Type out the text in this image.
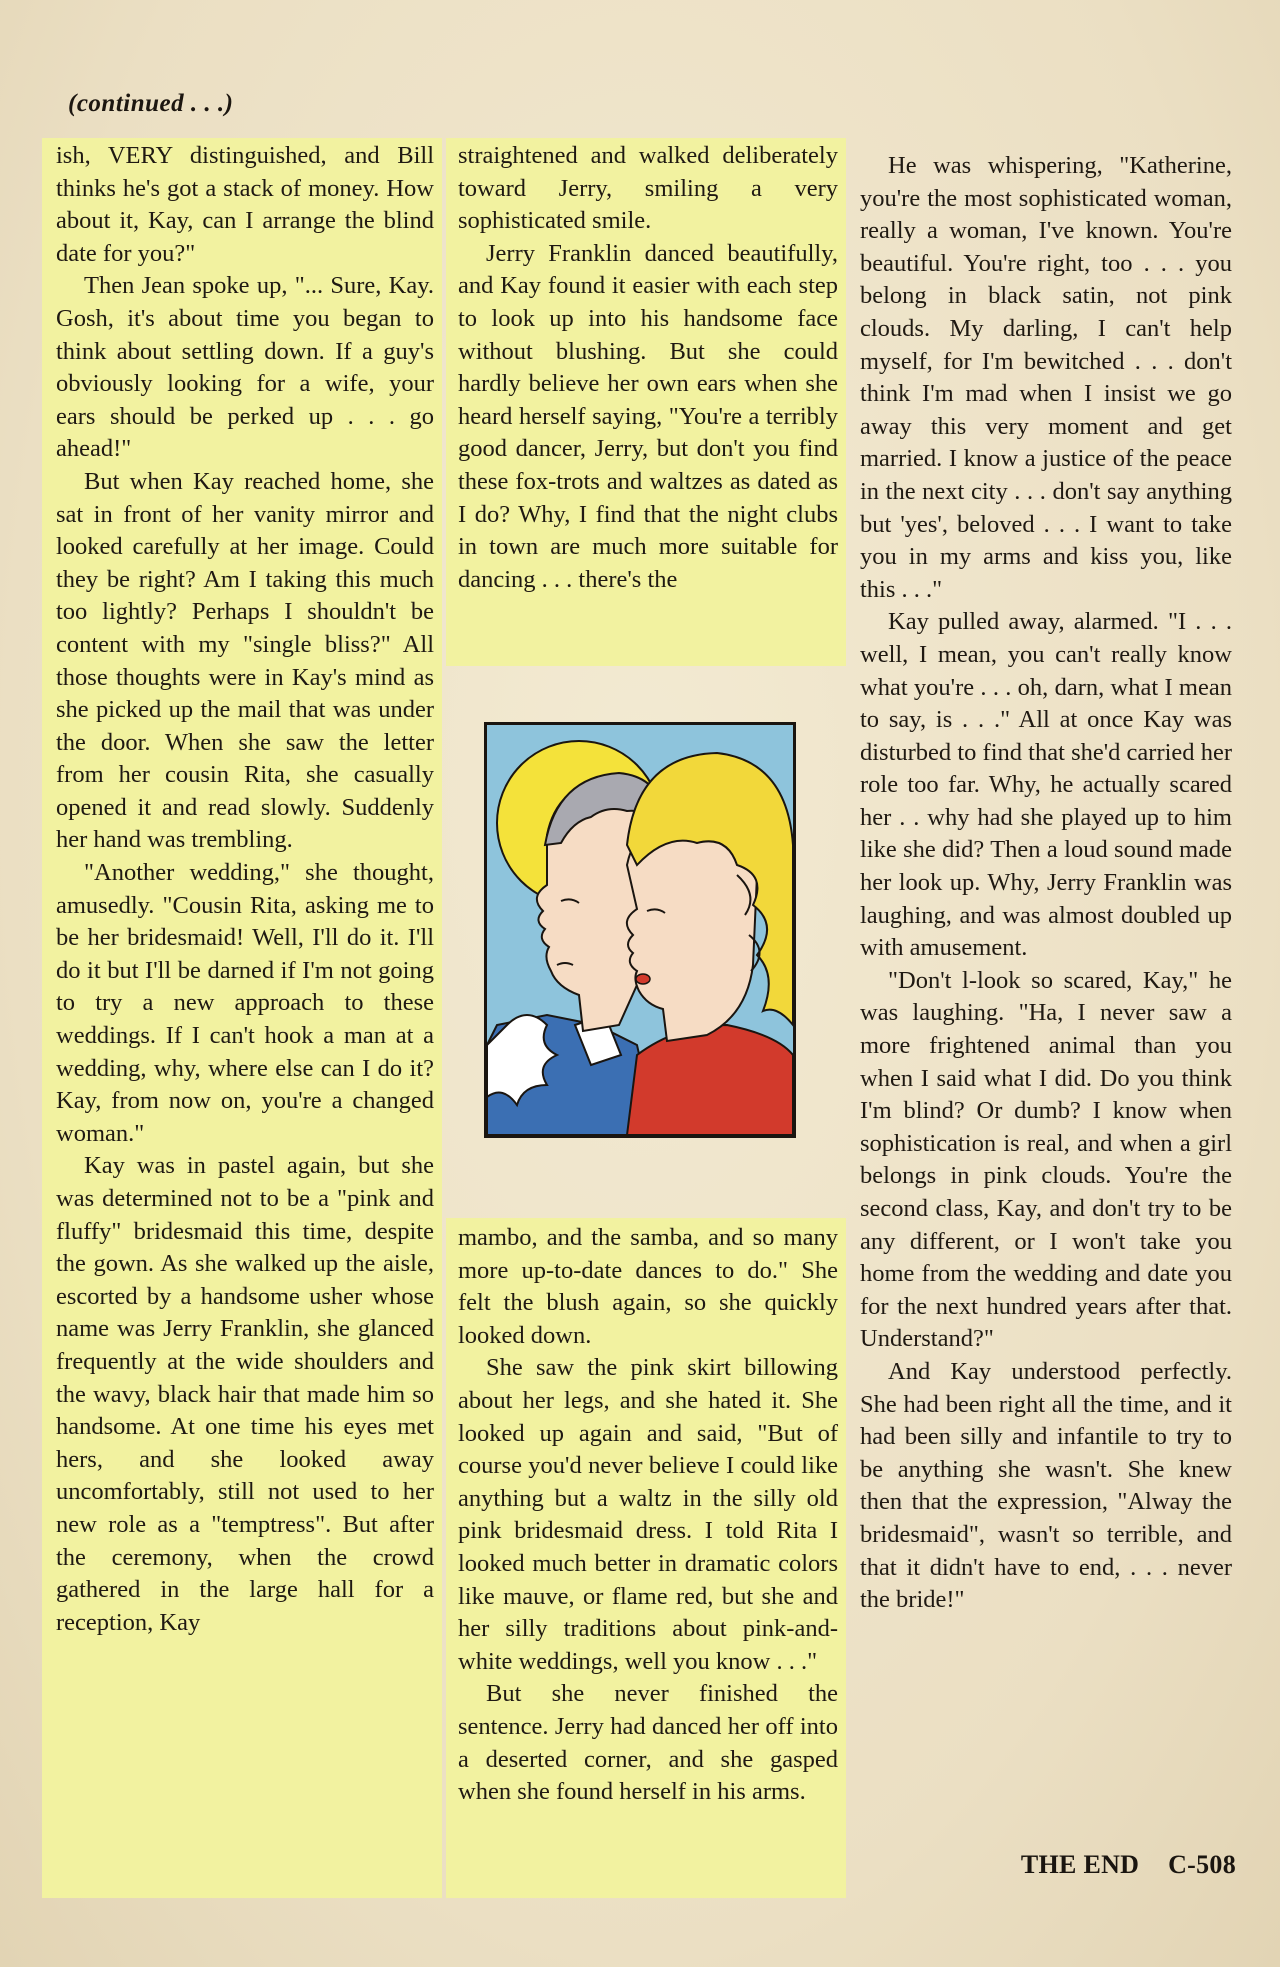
(continued . . .)

ish, VERY distinguished, and Bill thinks he's got a stack of money. How about it, Kay, can I arrange the blind date for you?"

Then Jean spoke up, "... Sure, Kay. Gosh, it's about time you began to think about settling down. If a guy's obviously looking for a wife, your ears should be perked up . . . go ahead!"

But when Kay reached home, she sat in front of her vanity mirror and looked carefully at her image. Could they be right? Am I taking this much too lightly? Perhaps I shouldn't be content with my "single bliss?" All those thoughts were in Kay's mind as she picked up the mail that was under the door. When she saw the letter from her cousin Rita, she casually opened it and read slowly. Suddenly her hand was trembling.

"Another wedding," she thought, amusedly. "Cousin Rita, asking me to be her bridesmaid! Well, I'll do it. I'll do it but I'll be darned if I'm not going to try a new approach to these weddings. If I can't hook a man at a wedding, why, where else can I do it? Kay, from now on, you're a changed woman."

Kay was in pastel again, but she was determined not to be a "pink and fluffy" bridesmaid this time, despite the gown. As she walked up the aisle, escorted by a handsome usher whose name was Jerry Franklin, she glanced frequently at the wide shoulders and the wavy, black hair that made him so handsome. At one time his eyes met hers, and she looked away uncomfortably, still not used to her new role as a "temptress". But after the ceremony, when the crowd gathered in the large hall for a reception, Kay

straightened and walked deliberately toward Jerry, smiling a very sophisticated smile.

Jerry Franklin danced beautifully, and Kay found it easier with each step to look up into his handsome face without blushing. But she could hardly believe her own ears when she heard herself saying, "You're a terribly good dancer, Jerry, but don't you find these fox-trots and waltzes as dated as I do? Why, I find that the night clubs in town are much more suitable for dancing . . . there's the

mambo, and the samba, and so many more up-to-date dances to do." She felt the blush again, so she quickly looked down.

She saw the pink skirt billowing about her legs, and she hated it. She looked up again and said, "But of course you'd never believe I could like anything but a waltz in the silly old pink bridesmaid dress. I told Rita I looked much better in dramatic colors like mauve, or flame red, but she and her silly traditions about pink-and-white weddings, well you know . . ."

But she never finished the sentence. Jerry had danced her off into a deserted corner, and she gasped when she found herself in his arms.

He was whispering, "Katherine, you're the most sophisticated woman, really a woman, I've known. You're beautiful. You're right, too . . . you belong in black satin, not pink clouds. My darling, I can't help myself, for I'm bewitched . . . don't think I'm mad when I insist we go away this very moment and get married. I know a justice of the peace in the next city . . . don't say anything but 'yes', beloved . . . I want to take you in my arms and kiss you, like this . . ."

Kay pulled away, alarmed. "I . . . well, I mean, you can't really know what you're . . . oh, darn, what I mean to say, is . . ." All at once Kay was disturbed to find that she'd carried her role too far. Why, he actually scared her . . why had she played up to him like she did? Then a loud sound made her look up. Why, Jerry Franklin was laughing, and was almost doubled up with amusement.

"Don't l-look so scared, Kay," he was laughing. "Ha, I never saw a more frightened animal than you when I said what I did. Do you think I'm blind? Or dumb? I know when sophistication is real, and when a girl belongs in pink clouds. You're the second class, Kay, and don't try to be any different, or I won't take you home from the wedding and date you for the next hundred years after that. Understand?"

And Kay understood perfectly. She had been right all the time, and it had been silly and infantile to try to be anything she wasn't. She knew then that the expression, "Alway the bridesmaid", wasn't so terrible, and that it didn't have to end, . . . never the bride!"

THE END C-508
